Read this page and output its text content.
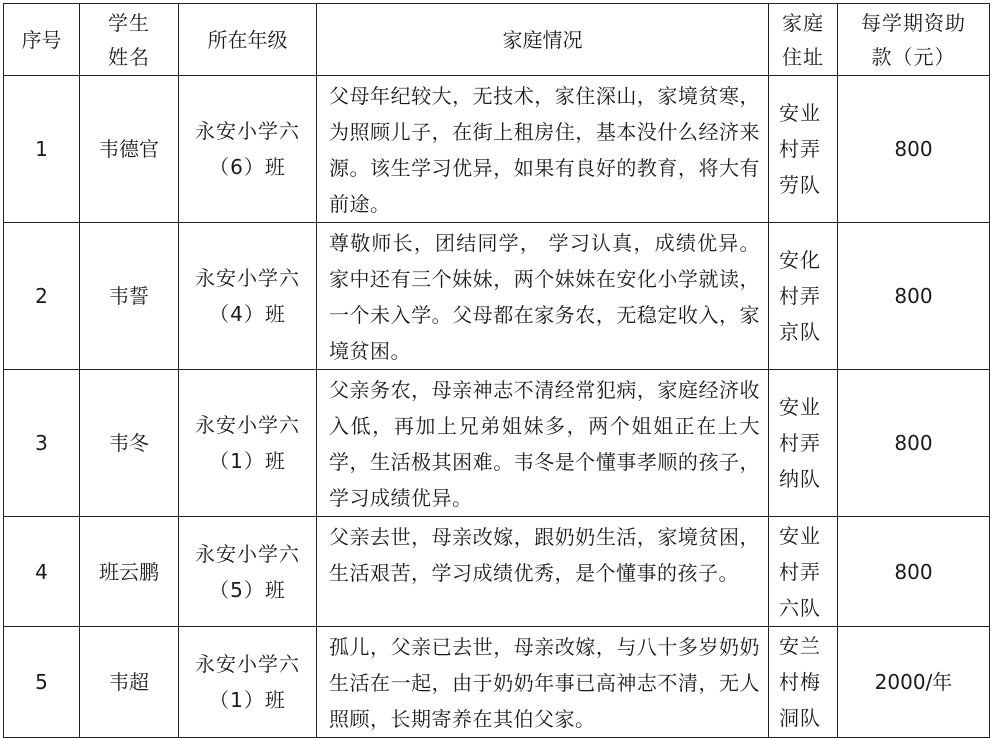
序号	学生姓名	所在年级	家庭情况	家庭住址	每学期资助款（元）
1	韦德官	永安小学六（6）班	父母年纪较大，无技术，家住深山，家境贫寒，为照顾儿子，在街上租房住，基本没什么经济来源。该生学习优异，如果有良好的教育，将大有前途。	安业村弄劳队	800
2	韦誓	永安小学六（4）班	尊敬师长，团结同学， 学习认真，成绩优异。家中还有三个妹妹，两个妹妹在安化小学就读，一个未入学。父母都在家务农，无稳定收入，家境贫困。	安化村弄京队	800
3	韦冬	永安小学六（1）班	父亲务农，母亲神志不清经常犯病，家庭经济收入低，再加上兄弟姐妹多，两个姐姐正在上大学，生活极其困难。韦冬是个懂事孝顺的孩子，学习成绩优异。	安业村弄纳队	800
4	班云鹏	永安小学六（5）班	父亲去世，母亲改嫁，跟奶奶生活，家境贫困，生活艰苦，学习成绩优秀，是个懂事的孩子。	安业村弄六队	800
5	韦超	永安小学六（1）班	孤儿，父亲已去世，母亲改嫁，与八十多岁奶奶生活在一起，由于奶奶年事已高神志不清，无人照顾，长期寄养在其伯父家。	安兰村梅洞队	2000/年
